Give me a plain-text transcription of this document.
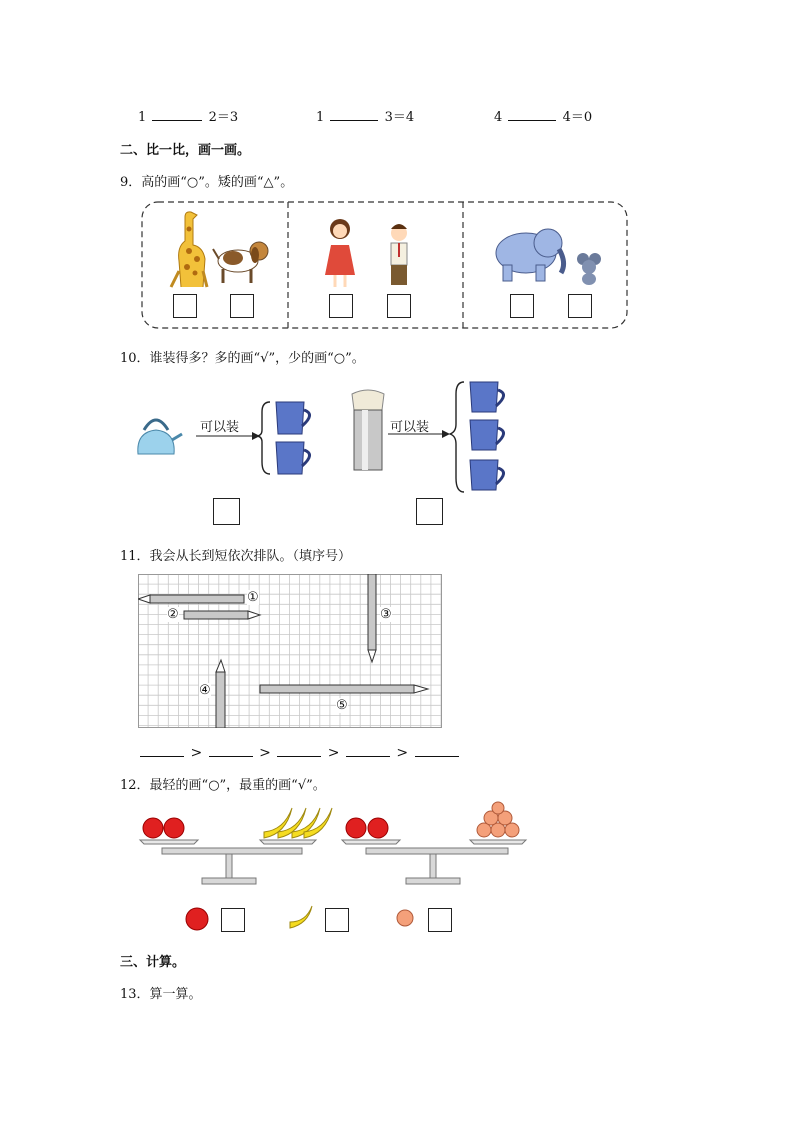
1	2＝3	1	3＝4	4	4＝0
二、比一比，画一画。
9．高的画“○”。矮的画“△”。
10．谁装得多？多的画“√”，少的画“○”。
可以装	可以装
11．我会从长到短依次排队。（填序号）
①
②	③
④
⑤
>	>	>	>
12．最轻的画“○”，最重的画“√”。
三、计算。
13．算一算。
